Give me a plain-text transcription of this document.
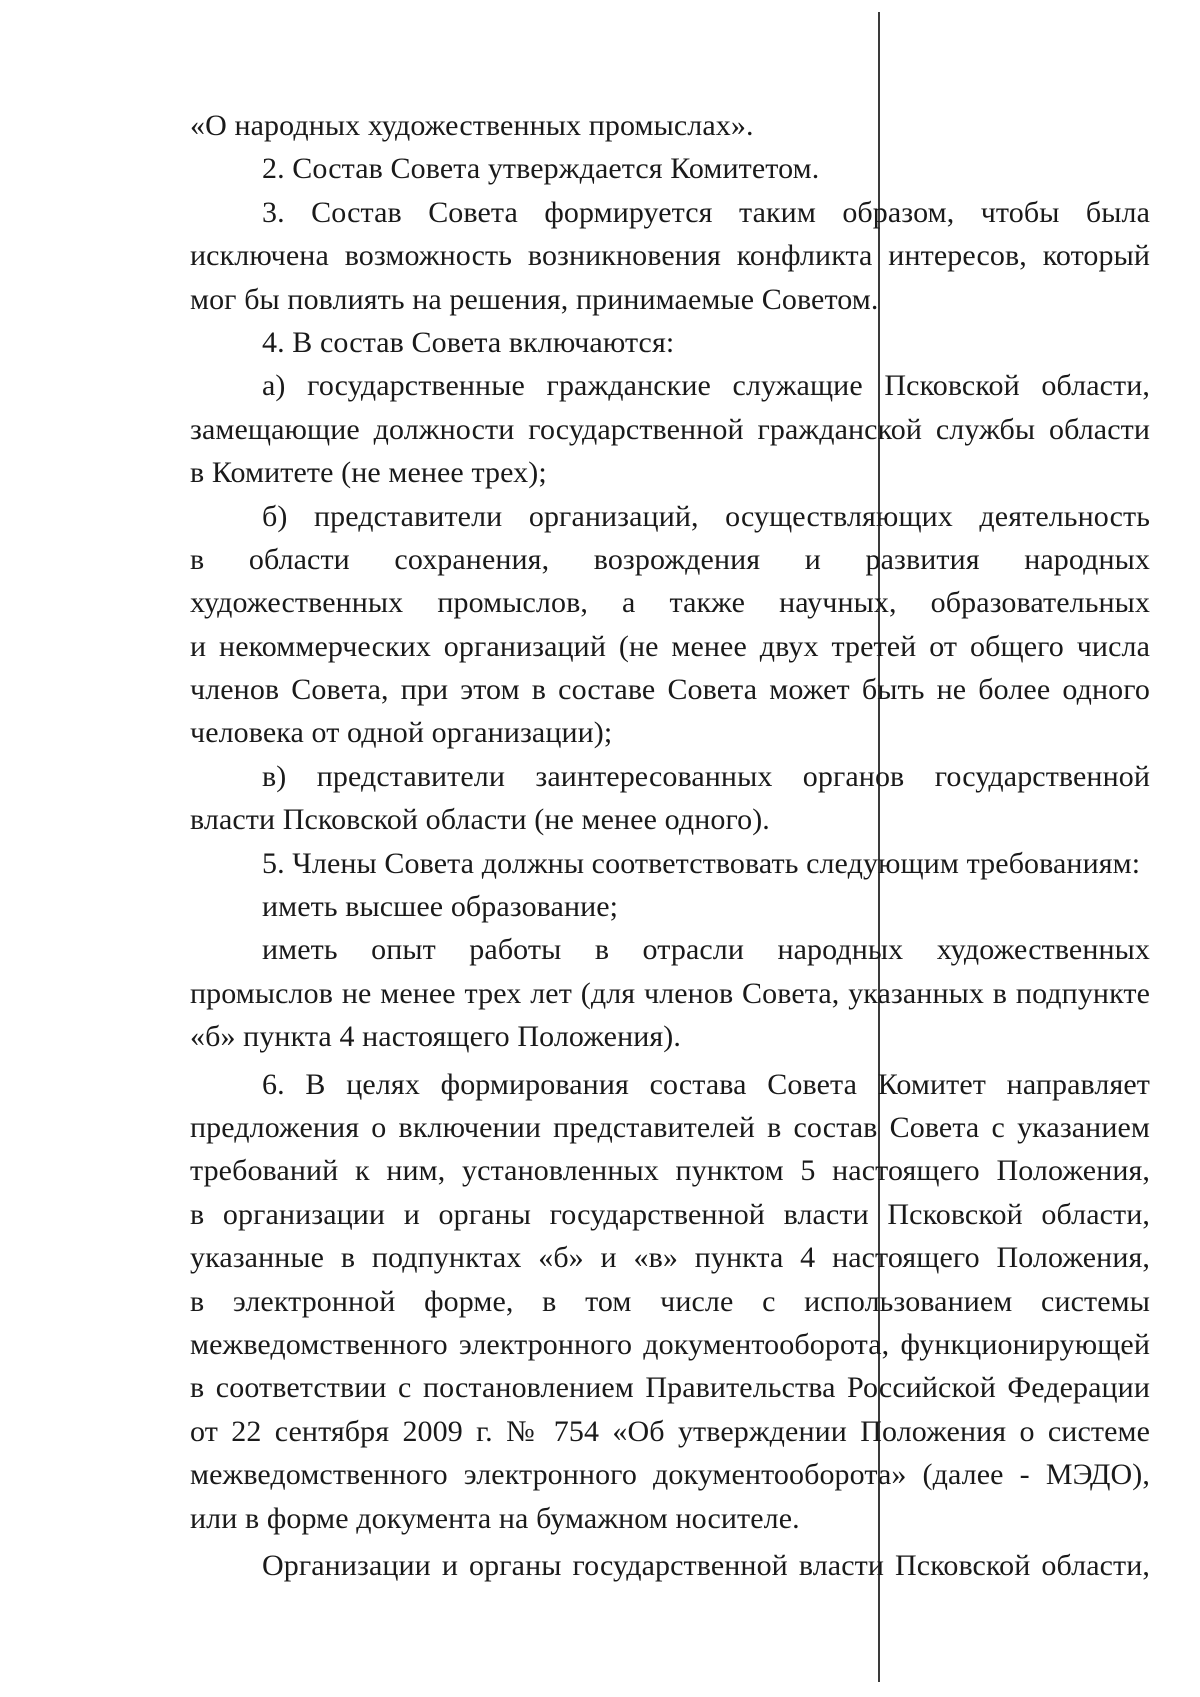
«О народных художественных промыслах».
2. Состав Совета утверждается Комитетом.
3. Состав Совета формируется таким образом, чтобы была
исключена возможность возникновения конфликта интересов, который
мог бы повлиять на решения, принимаемые Советом.
4. В состав Совета включаются:
а) государственные гражданские служащие Псковской области,
замещающие должности государственной гражданской службы области
в Комитете (не менее трех);
б) представители организаций, осуществляющих деятельность
в области сохранения, возрождения и развития народных
художественных промыслов, а также научных, образовательных
и некоммерческих организаций (не менее двух третей от общего числа
членов Совета, при этом в составе Совета может быть не более одного
человека от одной организации);
в) представители заинтересованных органов государственной
власти Псковской области (не менее одного).
5. Члены Совета должны соответствовать следующим требованиям:
иметь высшее образование;
иметь опыт работы в отрасли народных художественных
промыслов не менее трех лет (для членов Совета, указанных в подпункте
«б» пункта 4 настоящего Положения).
6. В целях формирования состава Совета Комитет направляет
предложения о включении представителей в состав Совета с указанием
требований к ним, установленных пунктом 5 настоящего Положения,
в организации и органы государственной власти Псковской области,
указанные в подпунктах «б» и «в» пункта 4 настоящего Положения,
в электронной форме, в том числе с использованием системы
межведомственного электронного документооборота, функционирующей
в соответствии с постановлением Правительства Российской Федерации
от 22 сентября 2009 г. № 754 «Об утверждении Положения о системе
межведомственного электронного документооборота» (далее - МЭДО),
или в форме документа на бумажном носителе.
Организации и органы государственной власти Псковской области,
